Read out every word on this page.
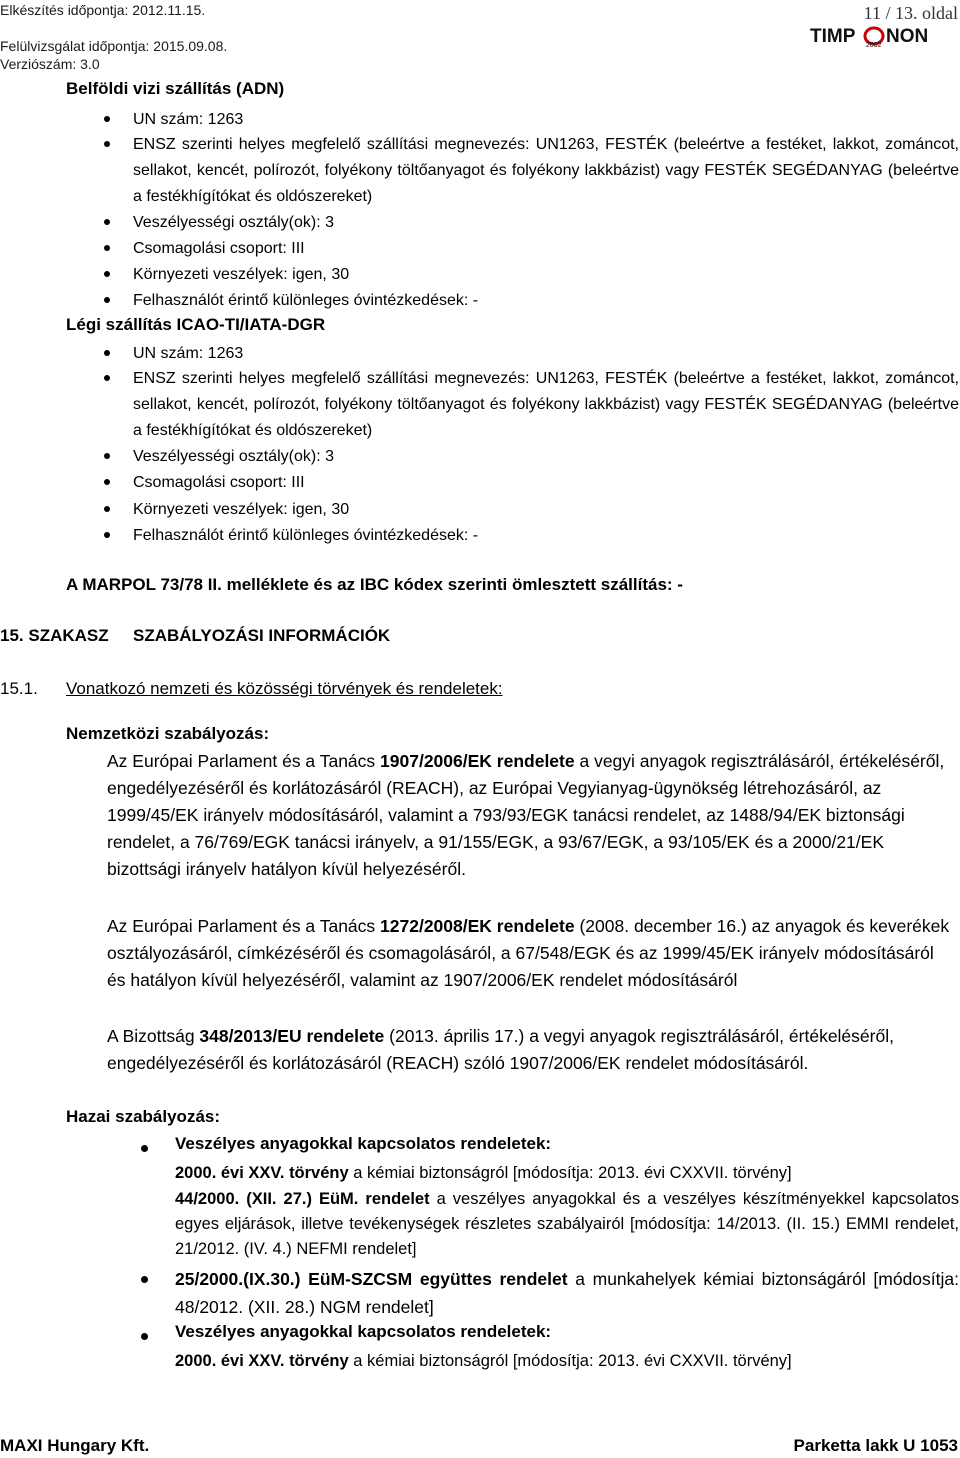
Elkészítés időpontja: 2012.11.15.
Felülvizsgálat időpontja: 2015.09.08.
Verziószám: 3.0
11 / 13. oldal
TIMP 2002 NON
Belföldi vizi szállítás (ADN)
UN szám: 1263
ENSZ szerinti helyes megfelelő szállítási megnevezés: UN1263, FESTÉK (beleértve a festéket, lakkot, zománcot, sellakot, kencét, polírozót, folyékony töltőanyagot és folyékony lakkbázist) vagy FESTÉK SEGÉDANYAG (beleértve a festékhígítókat és oldószereket)
Veszélyességi osztály(ok): 3
Csomagolási csoport: III
Környezeti veszélyek: igen, 30
Felhasználót érintő különleges óvintézkedések: -
Légi szállítás ICAO-TI/IATA-DGR
UN szám: 1263
ENSZ szerinti helyes megfelelő szállítási megnevezés: UN1263, FESTÉK (beleértve a festéket, lakkot, zománcot, sellakot, kencét, polírozót, folyékony töltőanyagot és folyékony lakkbázist) vagy FESTÉK SEGÉDANYAG (beleértve a festékhígítókat és oldószereket)
Veszélyességi osztály(ok): 3
Csomagolási csoport: III
Környezeti veszélyek: igen, 30
Felhasználót érintő különleges óvintézkedések: -
A MARPOL 73/78 II. melléklete és az IBC kódex szerinti ömlesztett szállítás: -
15. SZAKASZ SZABÁLYOZÁSI INFORMÁCIÓK
15.1. Vonatkozó nemzeti és közösségi törvények és rendeletek:
Nemzetközi szabályozás:
Az Európai Parlament és a Tanács 1907/2006/EK rendelete a vegyi anyagok regisztrálásáról, értékeléséről, engedélyezéséről és korlátozásáról (REACH), az Európai Vegyianyag-ügynökség létrehozásáról, az 1999/45/EK irányelv módosításáról, valamint a 793/93/EGK tanácsi rendelet, az 1488/94/EK biztonsági rendelet, a 76/769/EGK tanácsi irányelv, a 91/155/EGK, a 93/67/EGK, a 93/105/EK és a 2000/21/EK bizottsági irányelv hatályon kívül helyezéséről.
Az Európai Parlament és a Tanács 1272/2008/EK rendelete (2008. december 16.) az anyagok és keverékek osztályozásáról, címkézéséről és csomagolásáról, a 67/548/EGK és az 1999/45/EK irányelv módosításáról és hatályon kívül helyezéséről, valamint az 1907/2006/EK rendelet módosításáról
A Bizottság 348/2013/EU rendelete (2013. április 17.) a vegyi anyagok regisztrálásáról, értékeléséről, engedélyezéséről és korlátozásáról (REACH) szóló 1907/2006/EK rendelet módosításáról.
Hazai szabályozás:
Veszélyes anyagokkal kapcsolatos rendeletek:
2000. évi XXV. törvény a kémiai biztonságról [módosítja: 2013. évi CXXVII. törvény]
44/2000. (XII. 27.) EüM. rendelet a veszélyes anyagokkal és a veszélyes készítményekkel kapcsolatos egyes eljárások, illetve tevékenységek részletes szabályairól [módosítja: 14/2013. (II. 15.) EMMI rendelet, 21/2012. (IV. 4.) NEFMI rendelet]
25/2000.(IX.30.) EüM-SZCSM együttes rendelet a munkahelyek kémiai biztonságáról [módosítja: 48/2012. (XII. 28.) NGM rendelet]
Veszélyes anyagokkal kapcsolatos rendeletek:
2000. évi XXV. törvény a kémiai biztonságról [módosítja: 2013. évi CXXVII. törvény]
MAXI Hungary Kft.	Parketta lakk U 1053
